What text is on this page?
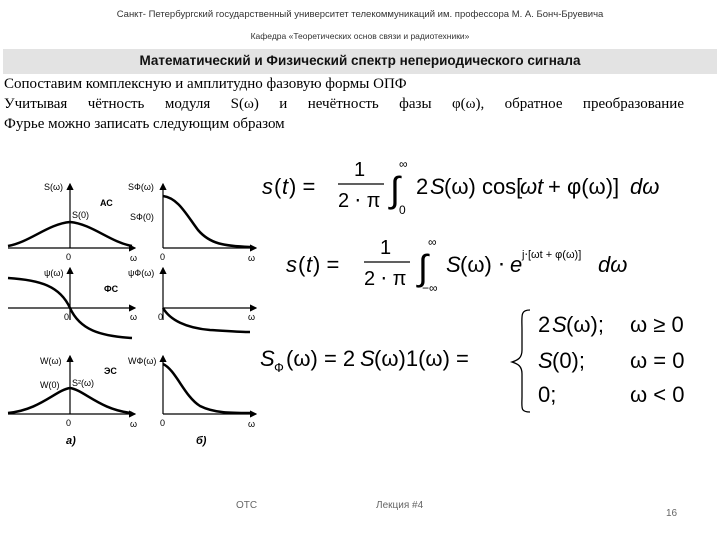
Санкт- Петербургский государственный университет телекоммуникаций им. профессора М. А. Бонч-Бруевича
Кафедра «Теоретических основ связи и радиотехники»
Математический и Физический спектр непериодического сигнала
Сопоставим комплексную и амплитудно фазовую формы ОПФ
Учитывая чётность модуля S(ω) и нечётность фазы φ(ω), обратное преобразование
Фурье можно записать следующим образом
S(ω)
S(0)
0	ω
АС
SФ(ω)
SФ(0)
0	ω
ψ(ω)
0	ω
ФС
ψФ(ω)
0	ω
W(ω)
W(0) S²(ω)
0	ω
ЭС
WФ(ω)
0	ω
а)	б)
s ( t ) =
1
2 ⋅ π ∫
∞
0
2 S (ω) cos[
ωt + φ(ω)] dω
s ( t ) =
1
2 ⋅ π ∫
∞
−∞
S (ω) ⋅ e j⋅[ωt + φ(ω)] dω
S Ф (ω) = 2 S (ω)1(ω) =
2 S (ω); ω ≥ 0
S (0); ω = 0
0;	ω < 0
ОТС	Лекция #4
16
